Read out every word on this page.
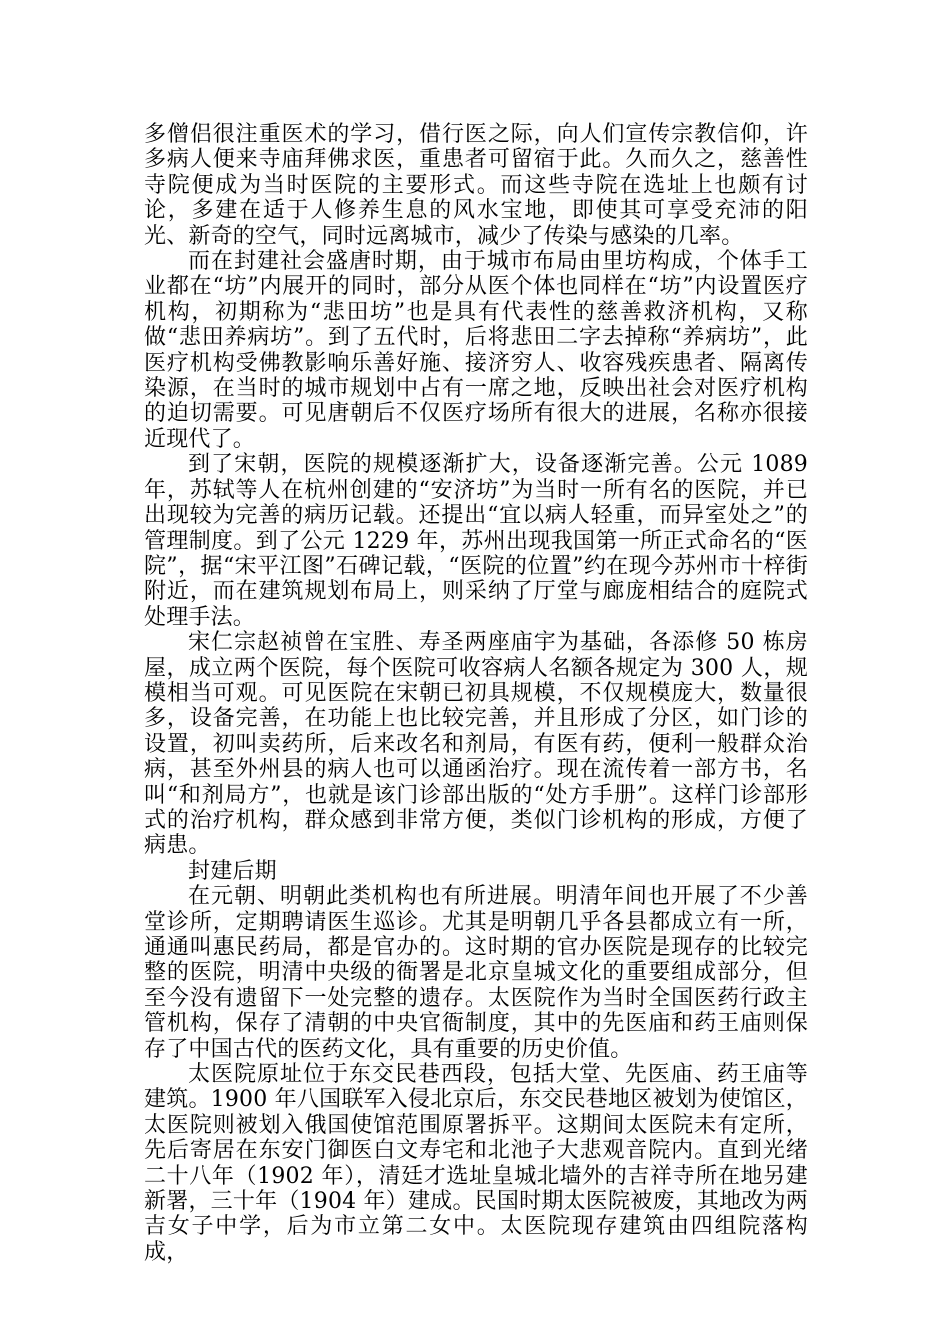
多僧侣很注重医术的学习，借行医之际，向人们宣传宗教信仰，许多病人便来寺庙拜佛求医，重患者可留宿于此。久而久之，慈善性寺院便成为当时医院的主要形式。而这些寺院在选址上也颇有讨论，多建在适于人修养生息的风水宝地，即使其可享受充沛的阳光、新奇的空气，同时远离城市，减少了传染与感染的几率。

而在封建社会盛唐时期，由于城市布局由里坊构成，个体手工业都在“坊”内展开的同时，部分从医个体也同样在“坊”内设置医疗机构，初期称为“悲田坊”也是具有代表性的慈善救济机构，又称做“悲田养病坊”。到了五代时，后将悲田二字去掉称“养病坊”，此医疗机构受佛教影响乐善好施、接济穷人、收容残疾患者、隔离传染源，在当时的城市规划中占有一席之地，反映出社会对医疗机构的迫切需要。可见唐朝后不仅医疗场所有很大的进展，名称亦很接近现代了。

到了宋朝，医院的规模逐渐扩大，设备逐渐完善。公元 1089 年，苏轼等人在杭州创建的“安济坊”为当时一所有名的医院，并已出现较为完善的病历记载。还提出“宜以病人轻重，而异室处之”的管理制度。到了公元 1229 年，苏州出现我国第一所正式命名的“医院”，据“宋平江图”石碑记载，“医院的位置”约在现今苏州市十梓街附近，而在建筑规划布局上，则采纳了厅堂与廊庞相结合的庭院式处理手法。

宋仁宗赵祯曾在宝胜、寿圣两座庙宇为基础，各添修 50 栋房屋，成立两个医院，每个医院可收容病人名额各规定为 300 人，规模相当可观。可见医院在宋朝已初具规模，不仅规模庞大，数量很多，设备完善，在功能上也比较完善，并且形成了分区，如门诊的设置，初叫卖药所，后来改名和剂局，有医有药，便利一般群众治病，甚至外州县的病人也可以通函治疗。现在流传着一部方书，名叫“和剂局方”，也就是该门诊部出版的“处方手册”。这样门诊部形式的治疗机构，群众感到非常方便，类似门诊机构的形成，方便了病患。

封建后期

在元朝、明朝此类机构也有所进展。明清年间也开展了不少善堂诊所，定期聘请医生巡诊。尤其是明朝几乎各县都成立有一所，通通叫惠民药局，都是官办的。这时期的官办医院是现存的比较完整的医院，明清中央级的衙署是北京皇城文化的重要组成部分，但至今没有遗留下一处完整的遗存。太医院作为当时全国医药行政主管机构，保存了清朝的中央官衙制度，其中的先医庙和药王庙则保存了中国古代的医药文化，具有重要的历史价值。

太医院原址位于东交民巷西段，包括大堂、先医庙、药王庙等建筑。1900 年八国联军入侵北京后，东交民巷地区被划为使馆区，太医院则被划入俄国使馆范围原署拆平。这期间太医院未有定所，先后寄居在东安门御医白文寿宅和北池子大悲观音院内。直到光绪二十八年（1902 年），清廷才选址皇城北墙外的吉祥寺所在地另建新署，三十年（1904 年）建成。民国时期太医院被废，其地改为两吉女子中学，后为市立第二女中。太医院现存建筑由四组院落构成，
